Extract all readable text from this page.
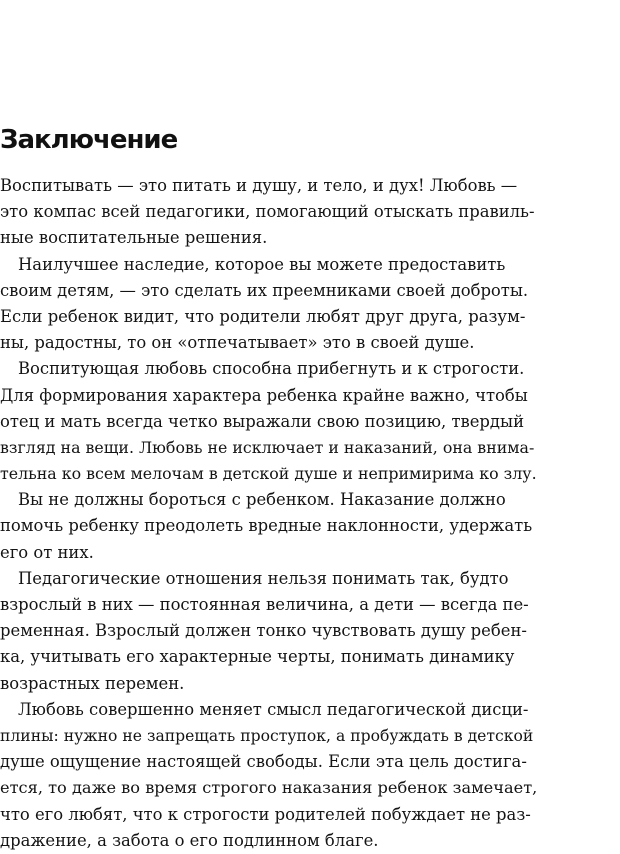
Заключение
Воспитывать — это питать и душу, и тело, и дух! Любовь —
это компас всей педагогики, помогающий отыскать правиль-
ные воспитательные решения.
Наилучшее наследие, которое вы можете предоставить
своим детям, — это сделать их преемниками своей доброты.
Если ребенок видит, что родители любят друг друга, разум-
ны, радостны, то он «отпечатывает» это в своей душе.
Воспитующая любовь способна прибегнуть и к строгости.
Для формирования характера ребенка крайне важно, чтобы
отец и мать всегда четко выражали свою позицию, твердый
взгляд на вещи. Любовь не исключает и наказаний, она внима-
тельна ко всем мелочам в детской душе и непримирима ко злу.
Вы не должны бороться с ребенком. Наказание должно
помочь ребенку преодолеть вредные наклонности, удержать
его от них.
Педагогические отношения нельзя понимать так, будто
взрослый в них — постоянная величина, а дети — всегда пе-
ременная. Взрослый должен тонко чувствовать душу ребен-
ка, учитывать его характерные черты, понимать динамику
возрастных перемен.
Любовь совершенно меняет смысл педагогической дисци-
плины: нужно не запрещать проступок, а пробуждать в детской
душе ощущение настоящей свободы. Если эта цель достига-
ется, то даже во время строгого наказания ребенок замечает,
что его любят, что к строгости родителей побуждает не раз-
дражение, а забота о его подлинном благе.
